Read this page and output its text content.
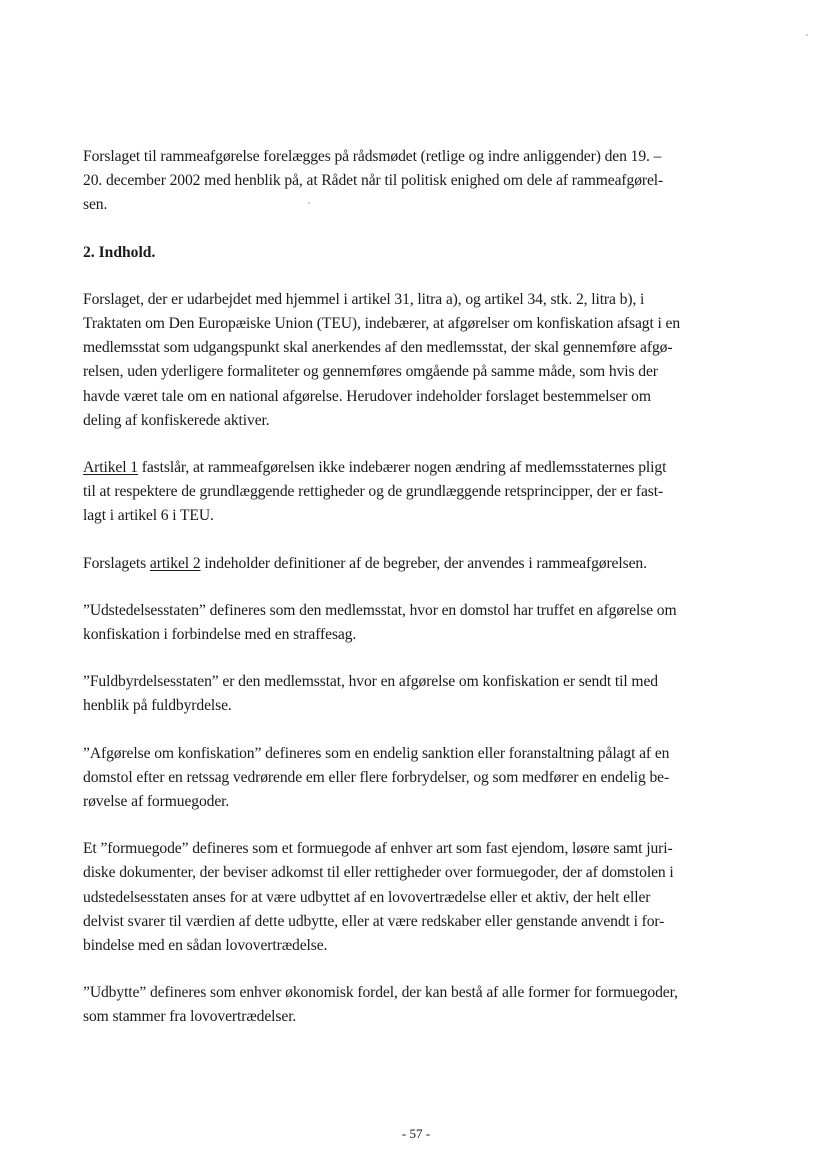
Forslaget til rammeafgørelse forelægges på rådsmødet (retlige og indre anliggender) den 19. –
20. december 2002 med henblik på, at Rådet når til politisk enighed om dele af rammeafgørel-
sen.

2. Indhold.

Forslaget, der er udarbejdet med hjemmel i artikel 31, litra a), og artikel 34, stk. 2, litra b), i
Traktaten om Den Europæiske Union (TEU), indebærer, at afgørelser om konfiskation afsagt i en
medlemsstat som udgangspunkt skal anerkendes af den medlemsstat, der skal gennemføre afgø-
relsen, uden yderligere formaliteter og gennemføres omgående på samme måde, som hvis der
havde været tale om en national afgørelse. Herudover indeholder forslaget bestemmelser om
deling af konfiskerede aktiver.

Artikel 1 fastslår, at rammeafgørelsen ikke indebærer nogen ændring af medlemsstaternes pligt
til at respektere de grundlæggende rettigheder og de grundlæggende retsprincipper, der er fast-
lagt i artikel 6 i TEU.

Forslagets artikel 2 indeholder definitioner af de begreber, der anvendes i rammeafgørelsen.

”Udstedelsesstaten” defineres som den medlemsstat, hvor en domstol har truffet en afgørelse om
konfiskation i forbindelse med en straffesag.

”Fuldbyrdelsesstaten” er den medlemsstat, hvor en afgørelse om konfiskation er sendt til med
henblik på fuldbyrdelse.

”Afgørelse om konfiskation” defineres som en endelig sanktion eller foranstaltning pålagt af en
domstol efter en retssag vedrørende em eller flere forbrydelser, og som medfører en endelig be-
røvelse af formuegoder.

Et ”formuegode” defineres som et formuegode af enhver art som fast ejendom, løsøre samt juri-
diske dokumenter, der beviser adkomst til eller rettigheder over formuegoder, der af domstolen i
udstedelsesstaten anses for at være udbyttet af en lovovertrædelse eller et aktiv, der helt eller
delvist svarer til værdien af dette udbytte, eller at være redskaber eller genstande anvendt i for-
bindelse med en sådan lovovertrædelse.

”Udbytte” defineres som enhver økonomisk fordel, der kan bestå af alle former for formuegoder,
som stammer fra lovovertrædelser.

- 57 -
